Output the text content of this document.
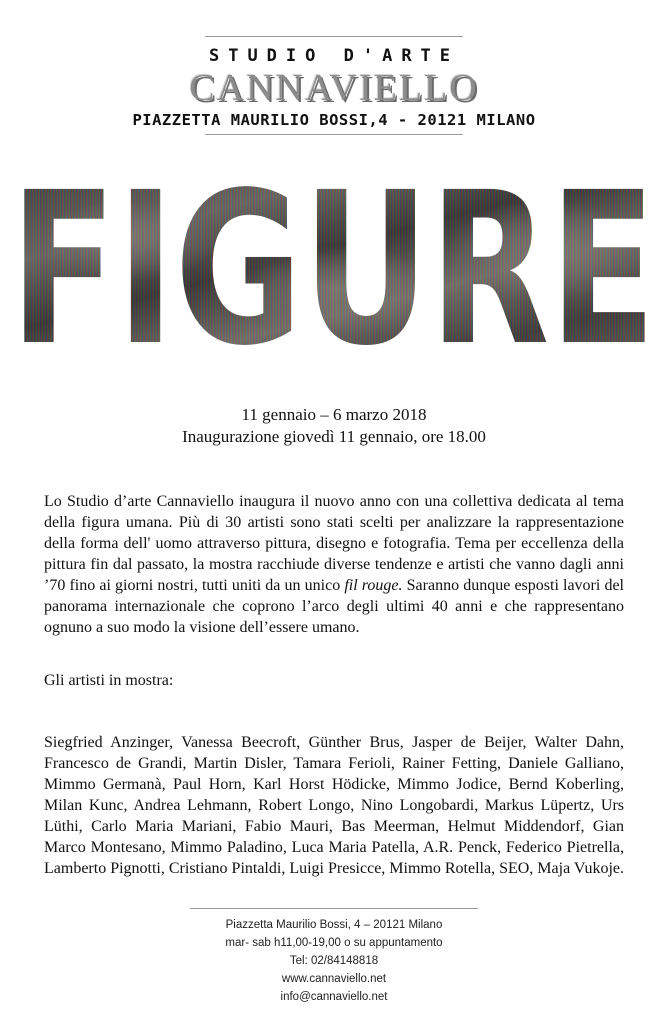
STUDIO D'ARTE
CANNAVIELLO
PIAZZETTA MAURILIO BOSSI,4 - 20121 MILANO
11 gennaio – 6 marzo 2018
Inaugurazione giovedì 11 gennaio, ore 18.00
Lo Studio d’arte Cannaviello inaugura il nuovo anno con una collettiva dedicata al tema della figura umana. Più di 30 artisti sono stati scelti per analizzare la rappresentazione della forma dell' uomo attraverso pittura, disegno e fotografia. Tema per eccellenza della pittura fin dal passato, la mostra racchiude diverse tendenze e artisti che vanno dagli anni ’70 fino ai giorni nostri, tutti uniti da un unico fil rouge. Saranno dunque esposti lavori del panorama internazionale che coprono l’arco degli ultimi 40 anni e che rappresentano ognuno a suo modo la visione dell’essere umano.
Gli artisti in mostra:
Siegfried Anzinger, Vanessa Beecroft, Günther Brus, Jasper de Beijer, Walter Dahn, Francesco de Grandi, Martin Disler, Tamara Ferioli, Rainer Fetting, Daniele Galliano, Mimmo Germanà, Paul Horn, Karl Horst Hödicke, Mimmo Jodice, Bernd Koberling, Milan Kunc, Andrea Lehmann, Robert Longo, Nino Longobardi, Markus Lüpertz, Urs Lüthi, Carlo Maria Mariani, Fabio Mauri, Bas Meerman, Helmut Middendorf, Gian Marco Montesano, Mimmo Paladino, Luca Maria Patella, A.R. Penck, Federico Pietrella, Lamberto Pignotti, Cristiano Pintaldi, Luigi Presicce, Mimmo Rotella, SEO, Maja Vukoje.
Piazzetta Maurilio Bossi, 4 – 20121 Milano
mar- sab h11,00-19,00 o su appuntamento
Tel: 02/84148818
www.cannaviello.net
info@cannaviello.net
